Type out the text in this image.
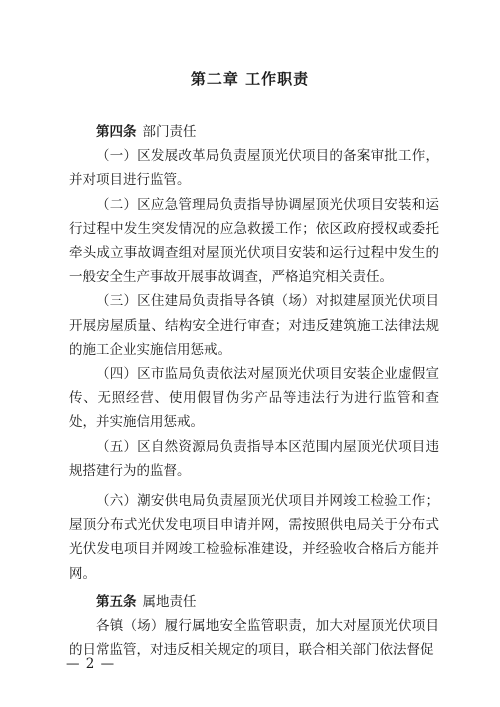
第二章 工作职责

第四条 部门责任

（一）区发展改革局负责屋顶光伏项目的备案审批工作，并对项目进行监管。

（二）区应急管理局负责指导协调屋顶光伏项目安装和运行过程中发生突发情况的应急救援工作；依区政府授权或委托牵头成立事故调查组对屋顶光伏项目安装和运行过程中发生的一般安全生产事故开展事故调查，严格追究相关责任。

（三）区住建局负责指导各镇（场）对拟建屋顶光伏项目开展房屋质量、结构安全进行审查；对违反建筑施工法律法规的施工企业实施信用惩戒。

（四）区市监局负责依法对屋顶光伏项目安装企业虚假宣传、无照经营、使用假冒伪劣产品等违法行为进行监管和查处，并实施信用惩戒。

（五）区自然资源局负责指导本区范围内屋顶光伏项目违规搭建行为的监督。

（六）潮安供电局负责屋顶光伏项目并网竣工检验工作；屋顶分布式光伏发电项目申请并网，需按照供电局关于分布式光伏发电项目并网竣工检验标准建设，并经验收合格后方能并网。

第五条 属地责任

各镇（场）履行属地安全监管职责，加大对屋顶光伏项目的日常监管，对违反相关规定的项目，联合相关部门依法督促

— 2 —
